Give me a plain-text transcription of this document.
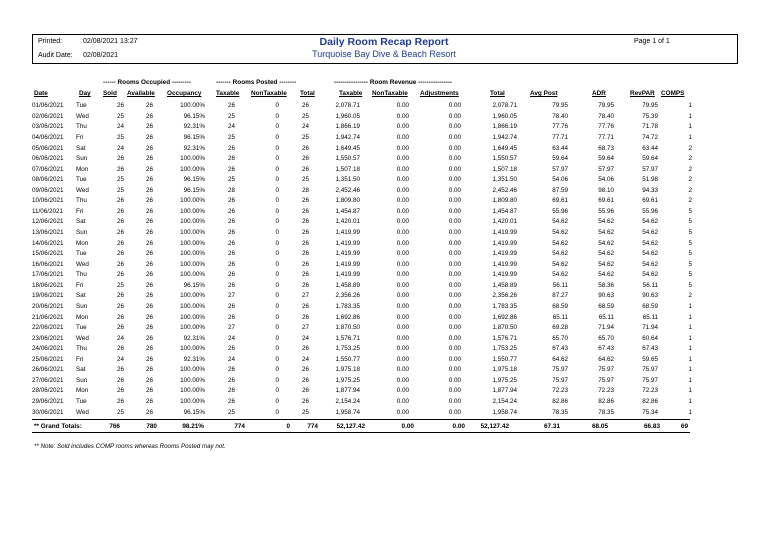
Printed:	02/08/2021 13:27
Audit Date: 02/08/2021
Daily Room Recap Report
Turquoise Bay Dive & Beach Resort
Page 1 of 1
------ Rooms Occupied ---------	------- Rooms Posted --------	---------------- Room Revenue ----------------
Date	Day Sold Available Occupancy Taxable NonTaxable Total	Taxable NonTaxable Adjustments	Total	Avg Post	ADR	RevPAR COMPS
01/06/2021	Tue	26	26	100.00%	26	0	26	2,078.71	0.00	0.00	2,078.71	79.95	79.95	79.95	1
02/06/2021	Wed	25	26	96.15%	25	0	25	1,960.05	0.00	0.00	1,960.05	78.40	78.40	75.39	1
03/06/2021	Thu	24	26	92.31%	24	0	24	1,866.19	0.00	0.00	1,866.19	77.76	77.76	71.78	1
04/06/2021	Fri	25	26	96.15%	25	0	25	1,942.74	0.00	0.00	1,942.74	77.71	77.71	74.72	1
05/06/2021	Sat	24	26	92.31%	26	0	26	1,649.45	0.00	0.00	1,649.45	63.44	68.73	63.44	2
06/06/2021	Sun	26	26	100.00%	26	0	26	1,550.57	0.00	0.00	1,550.57	59.64	59.64	59.64	2
07/06/2021	Mon	26	26	100.00%	26	0	26	1,507.18	0.00	0.00	1,507.18	57.97	57.97	57.97	2
08/06/2021	Tue	25	26	96.15%	25	0	25	1,351.50	0.00	0.00	1,351.50	54.06	54.06	51.98	2
09/06/2021	Wed	25	26	96.15%	28	0	28	2,452.46	0.00	0.00	2,452.46	87.59	98.10	94.33	2
10/06/2021	Thu	26	26	100.00%	26	0	26	1,809.80	0.00	0.00	1,809.80	69.61	69.61	69.61	2
11/06/2021	Fri	26	26	100.00%	26	0	26	1,454.87	0.00	0.00	1,454.87	55.96	55.96	55.96	5
12/06/2021	Sat	26	26	100.00%	26	0	26	1,420.01	0.00	0.00	1,420.01	54.62	54.62	54.62	5
13/06/2021	Sun	26	26	100.00%	26	0	26	1,419.99	0.00	0.00	1,419.99	54.62	54.62	54.62	5
14/06/2021	Mon	26	26	100.00%	26	0	26	1,419.99	0.00	0.00	1,419.99	54.62	54.62	54.62	5
15/06/2021	Tue	26	26	100.00%	26	0	26	1,419.99	0.00	0.00	1,419.99	54.62	54.62	54.62	5
16/06/2021	Wed	26	26	100.00%	26	0	26	1,419.99	0.00	0.00	1,419.99	54.62	54.62	54.62	5
17/06/2021	Thu	26	26	100.00%	26	0	26	1,419.99	0.00	0.00	1,419.99	54.62	54.62	54.62	5
18/06/2021	Fri	25	26	96.15%	26	0	26	1,458.89	0.00	0.00	1,458.89	56.11	58.36	56.11	5
19/06/2021	Sat	26	26	100.00%	27	0	27	2,356.26	0.00	0.00	2,356.26	87.27	90.63	90.63	2
20/06/2021	Sun	26	26	100.00%	26	0	26	1,783.35	0.00	0.00	1,783.35	68.59	68.59	68.59	1
21/06/2021	Mon	26	26	100.00%	26	0	26	1,692.86	0.00	0.00	1,692.86	65.11	65.11	65.11	1
22/06/2021	Tue	26	26	100.00%	27	0	27	1,870.50	0.00	0.00	1,870.50	69.28	71.94	71.94	1
23/06/2021	Wed	24	26	92.31%	24	0	24	1,576.71	0.00	0.00	1,576.71	65.70	65.70	60.64	1
24/06/2021	Thu	26	26	100.00%	26	0	26	1,753.25	0.00	0.00	1,753.25	67.43	67.43	67.43	1
25/06/2021	Fri	24	26	92.31%	24	0	24	1,550.77	0.00	0.00	1,550.77	64.62	64.62	59.65	1
26/06/2021	Sat	26	26	100.00%	26	0	26	1,975.18	0.00	0.00	1,975.18	75.97	75.97	75.97	1
27/06/2021	Sun	26	26	100.00%	26	0	26	1,975.25	0.00	0.00	1,975.25	75.97	75.97	75.97	1
28/06/2021	Mon	26	26	100.00%	26	0	26	1,877.94	0.00	0.00	1,877.94	72.23	72.23	72.23	1
29/06/2021	Tue	26	26	100.00%	26	0	26	2,154.24	0.00	0.00	2,154.24	82.86	82.86	82.86	1
30/06/2021	Wed	25	26	96.15%	25	0	25	1,958.74	0.00	0.00	1,958.74	78.35	78.35	75.34	1
** Grand Totals:	766	780	98.21%	774	0	774	52,127.42	0.00	0.00	52,127.42	67.31	68.05	66.83	69
** Note: Sold includes COMP rooms whereas Rooms Posted may not.
